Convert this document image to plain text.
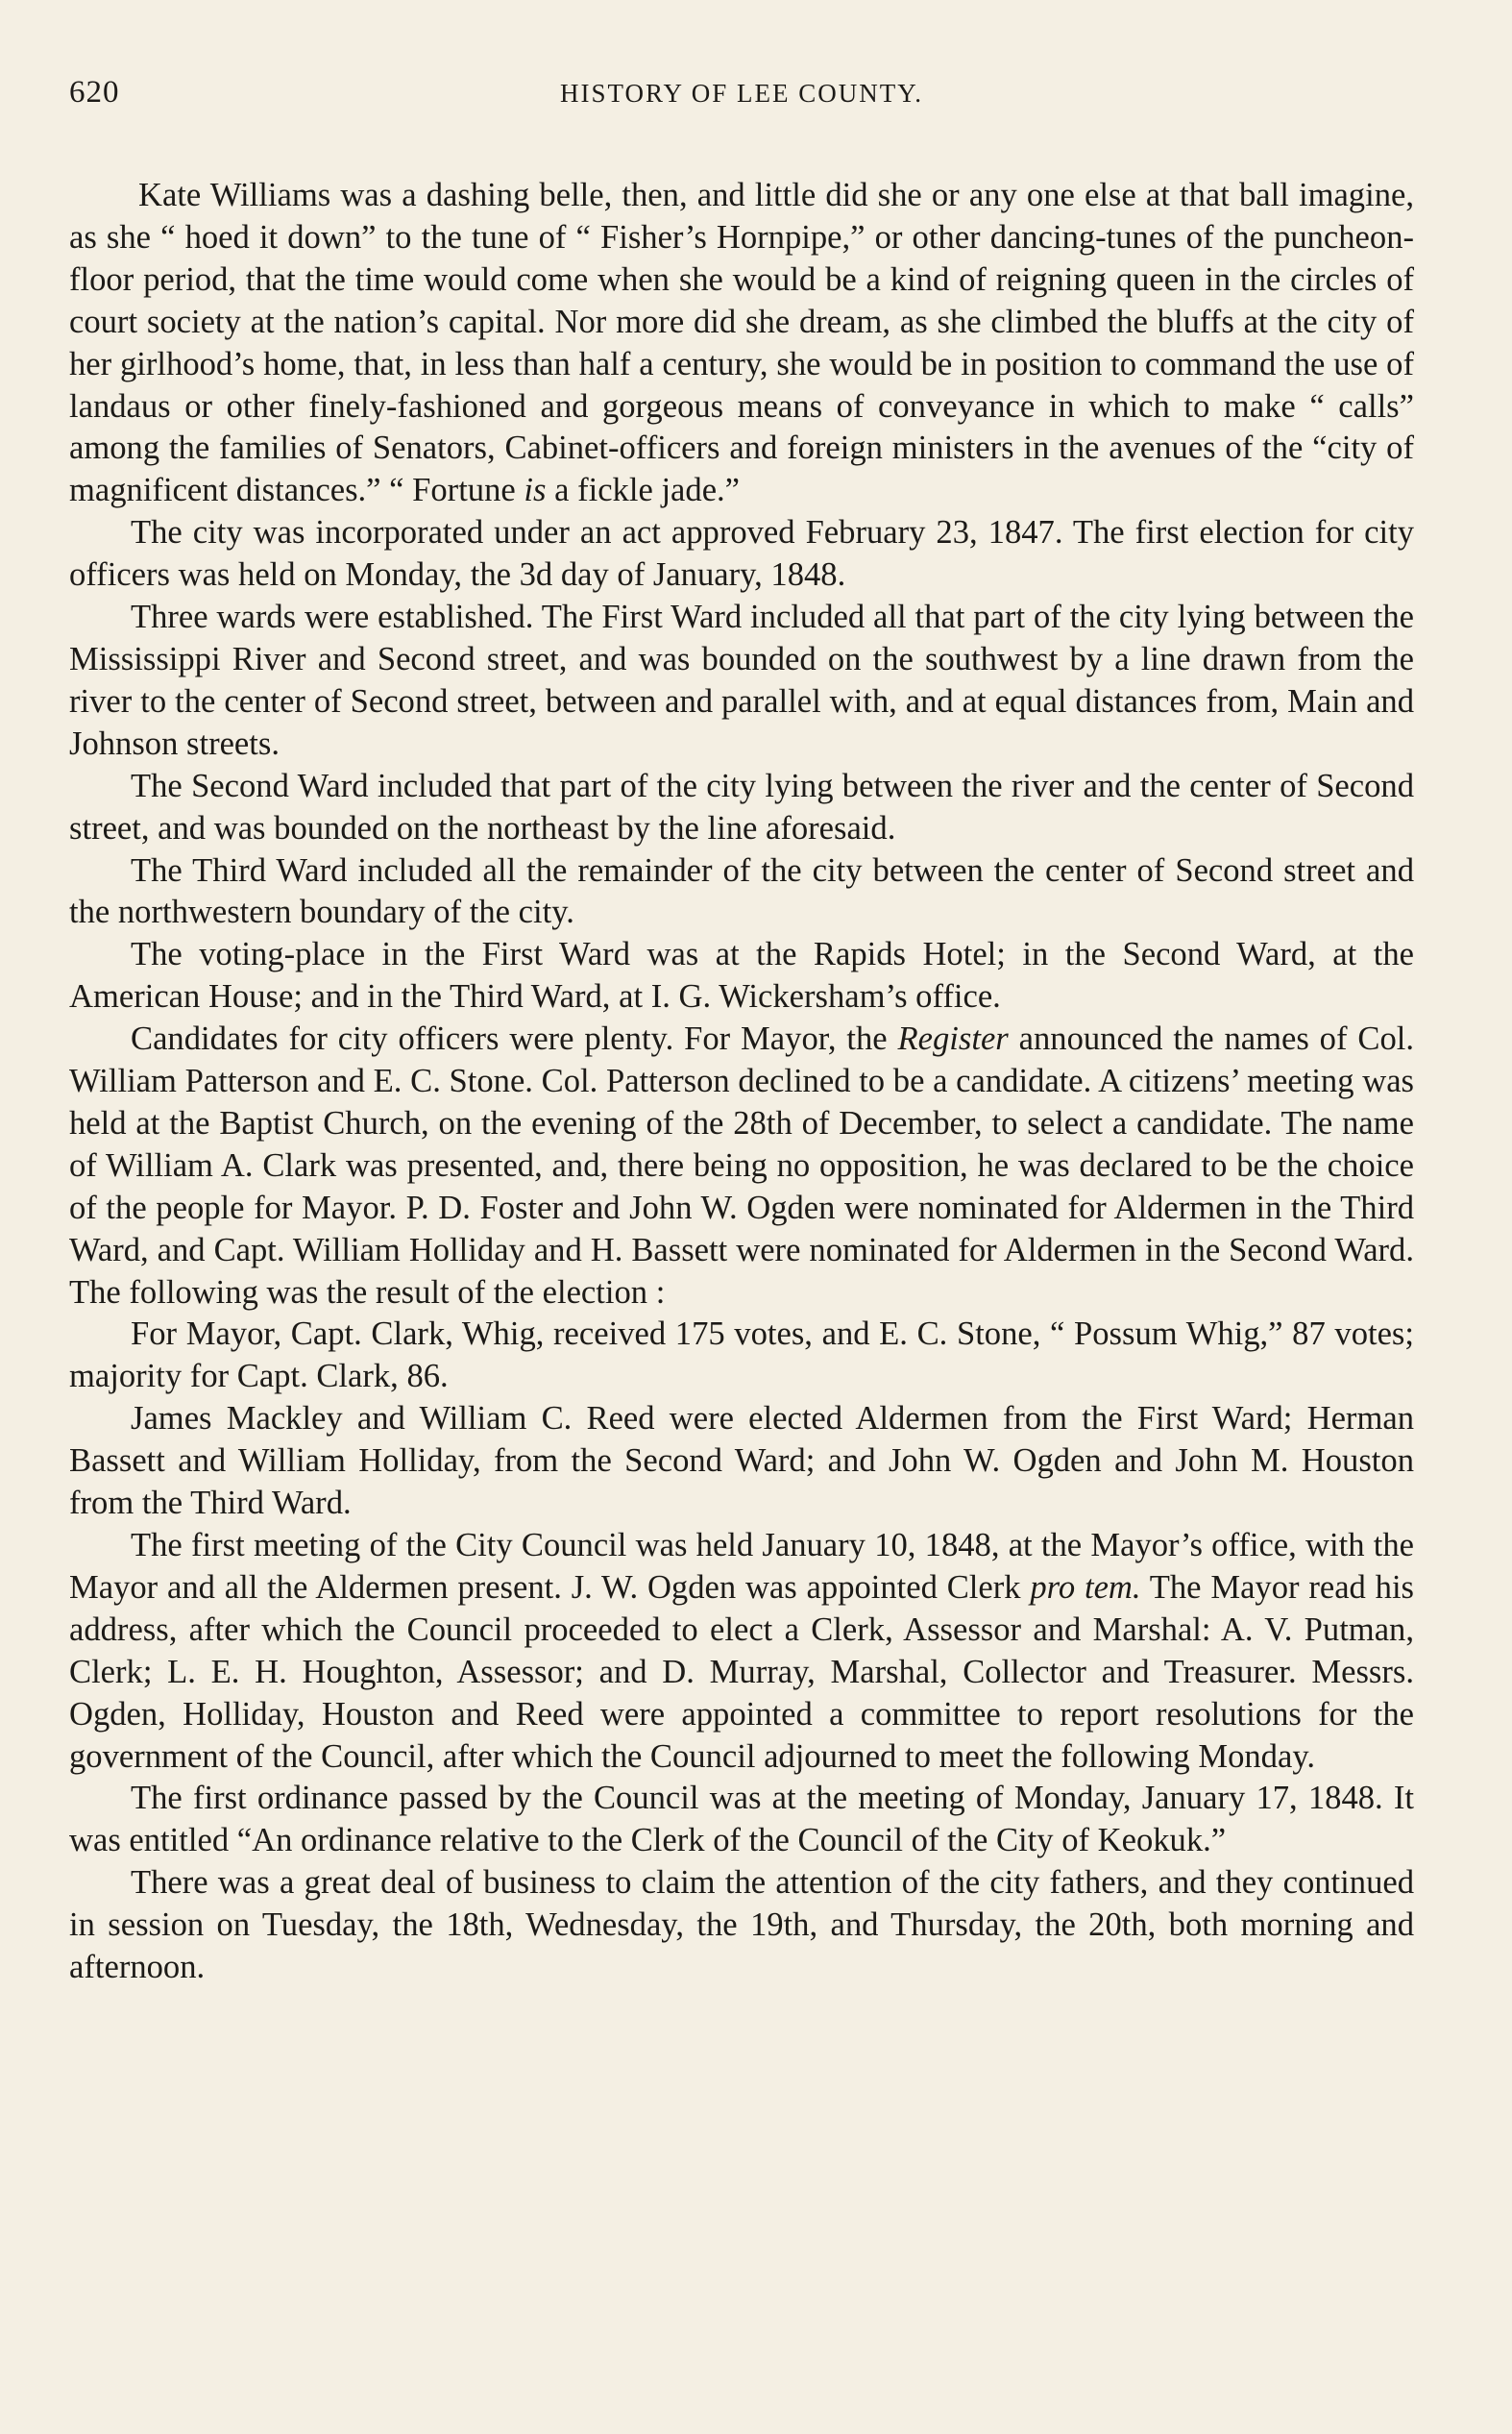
620	HISTORY OF LEE COUNTY.

Kate Williams was a dashing belle, then, and little did she or any one else at that ball imagine, as she “ hoed it down” to the tune of “ Fisher’s Hornpipe,” or other dancing-tunes of the puncheon-floor period, that the time would come when she would be a kind of reigning queen in the circles of court society at the nation’s capital. Nor more did she dream, as she climbed the bluffs at the city of her girlhood’s home, that, in less than half a century, she would be in position to command the use of landaus or other finely-fashioned and gorgeous means of conveyance in which to make “ calls” among the families of Senators, Cabinet-officers and foreign ministers in the avenues of the “city of magnificent distances.” “ Fortune is a fickle jade.”

The city was incorporated under an act approved February 23, 1847. The first election for city officers was held on Monday, the 3d day of January, 1848.

Three wards were established. The First Ward included all that part of the city lying between the Mississippi River and Second street, and was bounded on the southwest by a line drawn from the river to the center of Second street, between and parallel with, and at equal distances from, Main and Johnson streets.

The Second Ward included that part of the city lying between the river and the center of Second street, and was bounded on the northeast by the line aforesaid.

The Third Ward included all the remainder of the city between the center of Second street and the northwestern boundary of the city.

The voting-place in the First Ward was at the Rapids Hotel; in the Second Ward, at the American House; and in the Third Ward, at I. G. Wickersham’s office.

Candidates for city officers were plenty. For Mayor, the Register announced the names of Col. William Patterson and E. C. Stone. Col. Patterson declined to be a candidate. A citizens’ meeting was held at the Baptist Church, on the evening of the 28th of December, to select a candidate. The name of William A. Clark was presented, and, there being no opposition, he was declared to be the choice of the people for Mayor. P. D. Foster and John W. Ogden were nominated for Aldermen in the Third Ward, and Capt. William Holliday and H. Bassett were nominated for Aldermen in the Second Ward. The following was the result of the election :

For Mayor, Capt. Clark, Whig, received 175 votes, and E. C. Stone, “ Possum Whig,” 87 votes; majority for Capt. Clark, 86.

James Mackley and William C. Reed were elected Aldermen from the First Ward; Herman Bassett and William Holliday, from the Second Ward; and John W. Ogden and John M. Houston from the Third Ward.

The first meeting of the City Council was held January 10, 1848, at the Mayor’s office, with the Mayor and all the Aldermen present. J. W. Ogden was appointed Clerk pro tem. The Mayor read his address, after which the Council proceeded to elect a Clerk, Assessor and Marshal: A. V. Putman, Clerk; L. E. H. Houghton, Assessor; and D. Murray, Marshal, Collector and Treasurer. Messrs. Ogden, Holliday, Houston and Reed were appointed a committee to report resolutions for the government of the Council, after which the Council adjourned to meet the following Monday.

The first ordinance passed by the Council was at the meeting of Monday, January 17, 1848. It was entitled “An ordinance relative to the Clerk of the Council of the City of Keokuk.”

There was a great deal of business to claim the attention of the city fathers, and they continued in session on Tuesday, the 18th, Wednesday, the 19th, and Thursday, the 20th, both morning and afternoon.
